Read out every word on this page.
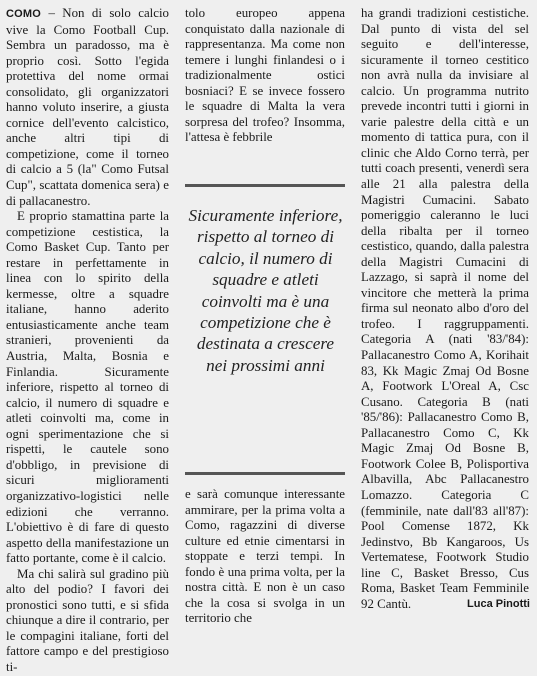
COMO – Non di solo calcio vive la Como Football Cup. Sembra un paradosso, ma è proprio così. Sotto l'egida protettiva del nome ormai consolidato, gli organizzatori hanno voluto inserire, a giusta cornice dell'evento calcistico, anche altri tipi di competizione, come il torneo di calcio a 5 (la" Como Futsal Cup", scattata domenica sera) e di pallacanestro.

E proprio stamattina parte la competizione cestistica, la Como Basket Cup. Tanto per restare in perfettamente in linea con lo spirito della kermesse, oltre a squadre italiane, hanno aderito entusiasticamente anche team stranieri, provenienti da Austria, Malta, Bosnia e Finlandia. Sicuramente inferiore, rispetto al torneo di calcio, il numero di squadre e atleti coinvolti ma, come in ogni sperimentazione che si rispetti, le cautele sono d'obbligo, in previsione di sicuri miglioramenti organizzativo-logistici nelle edizioni che verranno. L'obiettivo è di fare di questo aspetto della manifestazione un fatto portante, come è il calcio.

Ma chi salirà sul gradino più alto del podio? I favori dei pronostici sono tutti, e si sfida chiunque a dire il contrario, per le compagini italiane, forti del fattore campo e del prestigioso ti-

tolo europeo appena conquistato dalla nazionale di rappresentanza. Ma come non temere i lunghi finlandesi o i tradizionalmente ostici bosniaci? E se invece fossero le squadre di Malta la vera sorpresa del trofeo? Insomma, l'attesa è febbrile

Sicuramente inferiore, rispetto al torneo di calcio, il numero di squadre e atleti coinvolti ma è una competizione che è destinata a crescere nei prossimi anni

e sarà comunque interessante ammirare, per la prima volta a Como, ragazzini di diverse culture ed etnie cimentarsi in stoppate e terzi tempi. In fondo è una prima volta, per la nostra città. E non è un caso che la cosa si svolga in un territorio che

ha grandi tradizioni cestistiche. Dal punto di vista del sel seguito e dell'interesse, sicuramente il torneo cestitico non avrà nulla da invisiare al calcio. Un programma nutrito prevede incontri tutti i giorni in varie palestre della città e un momento di tattica pura, con il clinic che Aldo Corno terrà, per tutti coach presenti, venerdì sera alle 21 alla palestra della Magistri Cumacini. Sabato pomeriggio caleranno le luci della ribalta per il torneo cestistico, quando, dalla palestra della Magistri Cumacini di Lazzago, si saprà il nome del vincitore che metterà la prima firma sul neonato albo d'oro del trofeo. I raggruppamenti. Categoria A (nati '83/'84): Pallacanestro Como A, Korihait 83, Kk Magic Zmaj Od Bosne A, Footwork L'Oreal A, Csc Cusano. Categoria B (nati '85/'86): Pallacanestro Como B, Pallacanestro Como C, Kk Magic Zmaj Od Bosne B, Footwork Colee B, Polisportiva Albavilla, Abc Pallacanestro Lomazzo. Categoria C (femminile, nate dall'83 all'87): Pool Comense 1872, Kk Jedinstvo, Bb Kangaroos, Us Vertematese, Footwork Studio line C, Basket Bresso, Cus Roma, Basket Team Femminile 92 Cantù.	Luca Pinotti
